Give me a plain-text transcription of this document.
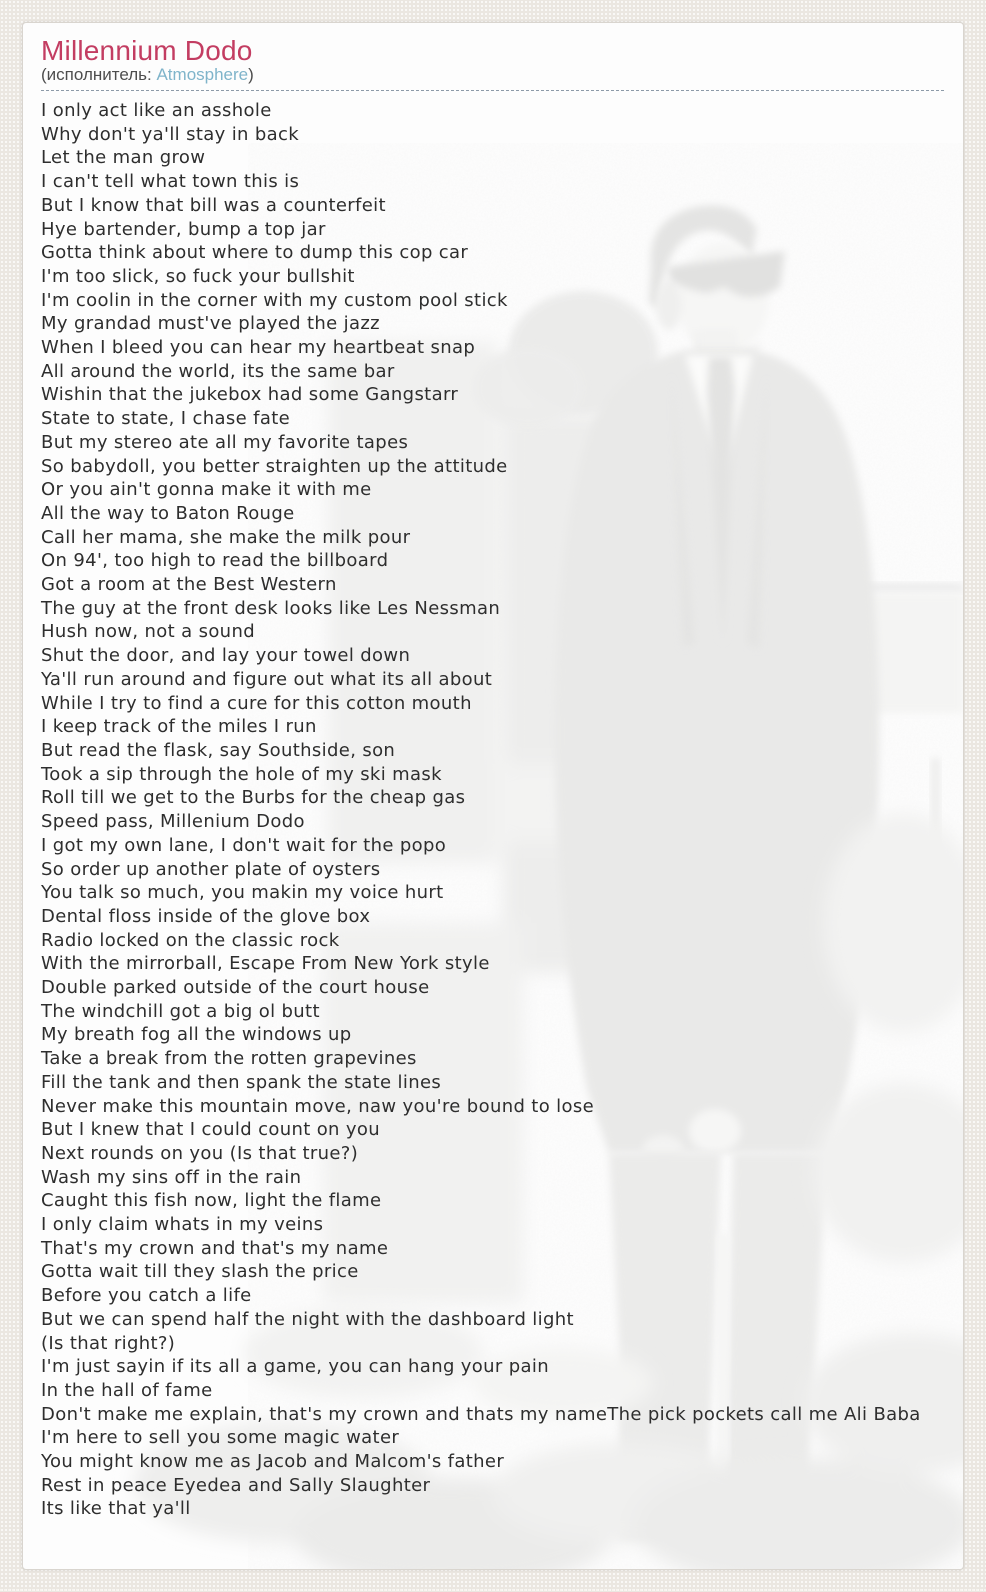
Millennium Dodo
(исполнитель: Atmosphere)
I only act like an asshole
Why don't ya'll stay in back
Let the man grow
I can't tell what town this is
But I know that bill was a counterfeit
Hye bartender, bump a top jar
Gotta think about where to dump this cop car
I'm too slick, so fuck your bullshit
I'm coolin in the corner with my custom pool stick
My grandad must've played the jazz
When I bleed you can hear my heartbeat snap
All around the world, its the same bar
Wishin that the jukebox had some Gangstarr
State to state, I chase fate
But my stereo ate all my favorite tapes
So babydoll, you better straighten up the attitude
Or you ain't gonna make it with me
All the way to Baton Rouge
Call her mama, she make the milk pour
On 94', too high to read the billboard
Got a room at the Best Western
The guy at the front desk looks like Les Nessman
Hush now, not a sound
Shut the door, and lay your towel down
Ya'll run around and figure out what its all about
While I try to find a cure for this cotton mouth
I keep track of the miles I run
But read the flask, say Southside, son
Took a sip through the hole of my ski mask
Roll till we get to the Burbs for the cheap gas
Speed pass, Millenium Dodo
I got my own lane, I don't wait for the popo
So order up another plate of oysters
You talk so much, you makin my voice hurt
Dental floss inside of the glove box
Radio locked on the classic rock
With the mirrorball, Escape From New York style
Double parked outside of the court house
The windchill got a big ol butt
My breath fog all the windows up
Take a break from the rotten grapevines
Fill the tank and then spank the state lines
Never make this mountain move, naw you're bound to lose
But I knew that I could count on you
Next rounds on you (Is that true?)
Wash my sins off in the rain
Caught this fish now, light the flame
I only claim whats in my veins
That's my crown and that's my name
Gotta wait till they slash the price
Before you catch a life
But we can spend half the night with the dashboard light
(Is that right?)
I'm just sayin if its all a game, you can hang your pain
In the hall of fame
Don't make me explain, that's my crown and thats my nameThe pick pockets call me Ali Baba
I'm here to sell you some magic water
You might know me as Jacob and Malcom's father
Rest in peace Eyedea and Sally Slaughter
Its like that ya'll
